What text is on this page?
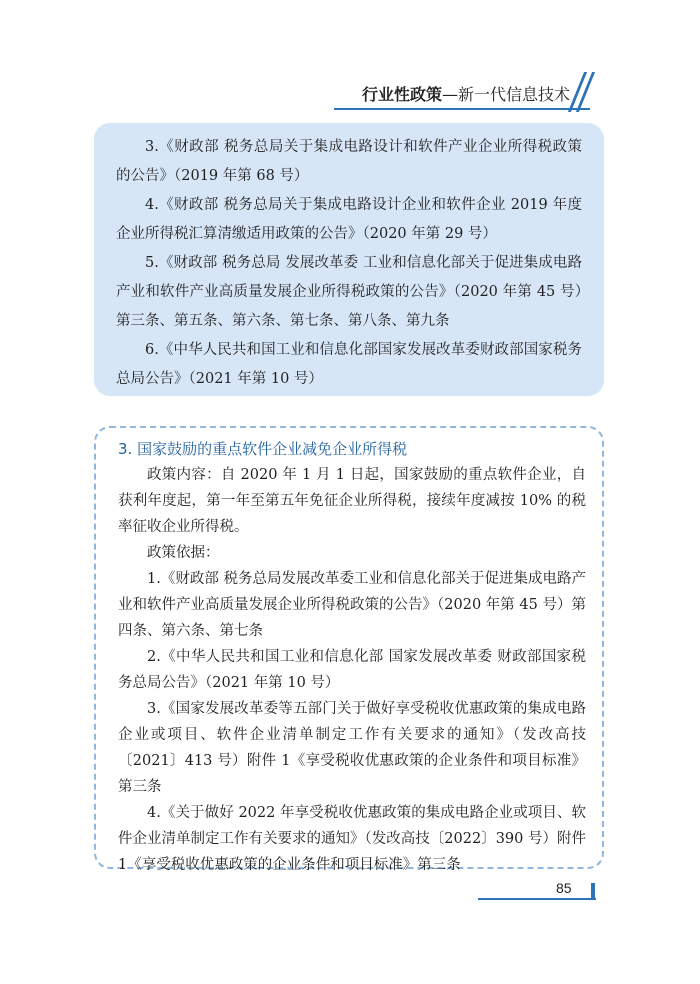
行业性政策—新一代信息技术

3.《财政部 税务总局关于集成电路设计和软件产业企业所得税政策的公告》（2019 年第 68 号）

4.《财政部 税务总局关于集成电路设计企业和软件企业 2019 年度企业所得税汇算清缴适用政策的公告》（2020 年第 29 号）

5.《财政部 税务总局 发展改革委 工业和信息化部关于促进集成电路产业和软件产业高质量发展企业所得税政策的公告》（2020 年第 45 号）第三条、第五条、第六条、第七条、第八条、第九条

6.《中华人民共和国工业和信息化部国家发展改革委财政部国家税务总局公告》（2021 年第 10 号）

3. 国家鼓励的重点软件企业减免企业所得税

政策内容：自 2020 年 1 月 1 日起，国家鼓励的重点软件企业，自获利年度起，第一年至第五年免征企业所得税，接续年度减按 10% 的税率征收企业所得税。

政策依据：

1.《财政部 税务总局发展改革委工业和信息化部关于促进集成电路产业和软件产业高质量发展企业所得税政策的公告》（2020 年第 45 号）第四条、第六条、第七条

2.《中华人民共和国工业和信息化部 国家发展改革委 财政部国家税务总局公告》（2021 年第 10 号）

3.《国家发展改革委等五部门关于做好享受税收优惠政策的集成电路企业或项目、软件企业清单制定工作有关要求的通知》（发改高技〔2021〕413 号）附件 1《享受税收优惠政策的企业条件和项目标准》第三条

4.《关于做好 2022 年享受税收优惠政策的集成电路企业或项目、软件企业清单制定工作有关要求的通知》（发改高技〔2022〕390 号）附件 1《享受税收优惠政策的企业条件和项目标准》第三条

85
